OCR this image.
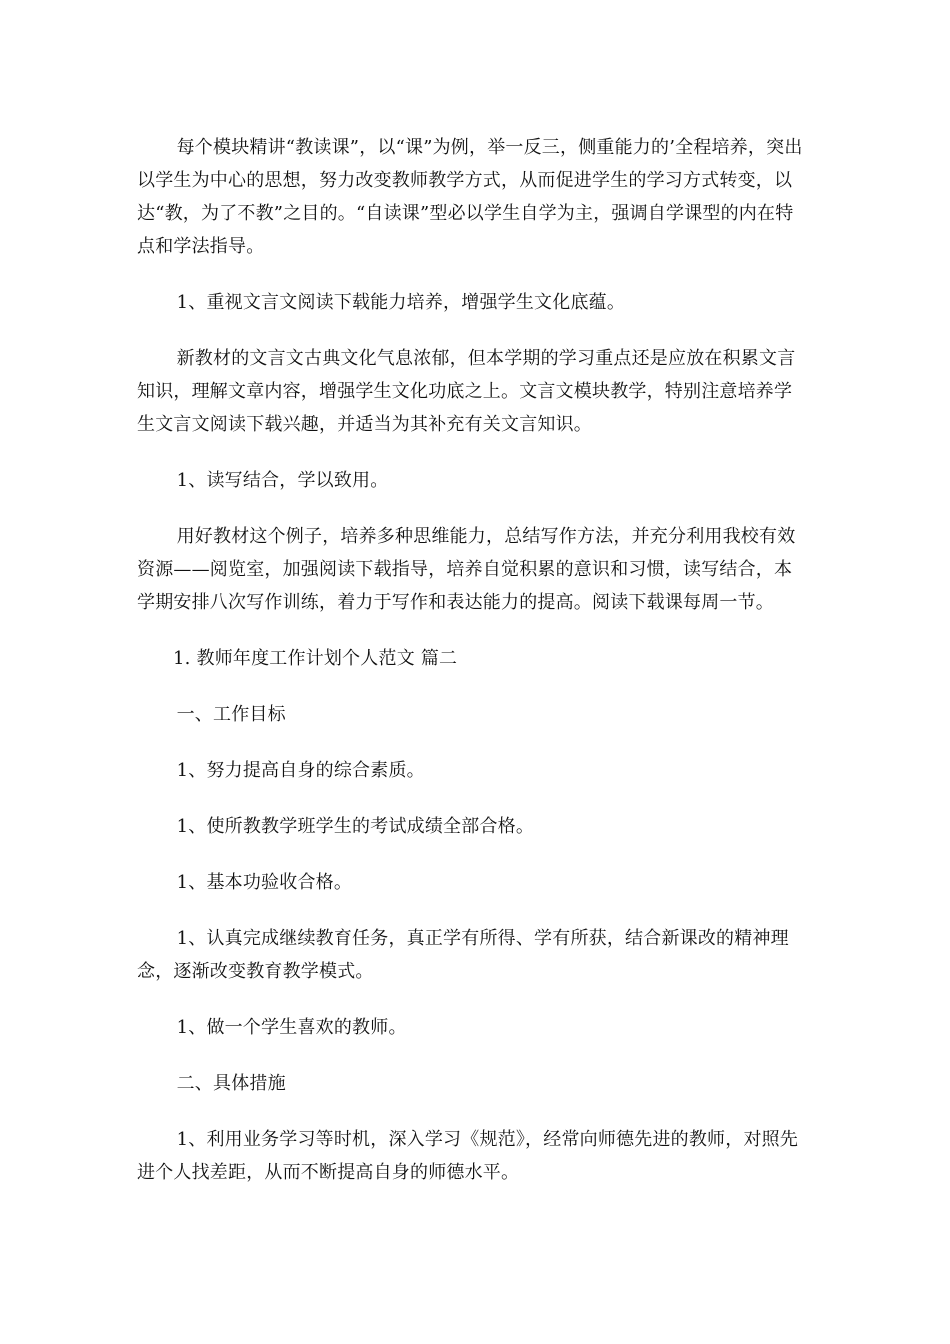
每个模块精讲“教读课”，以“课”为例，举一反三，侧重能力的’全程培养，突出以学生为中心的思想，努力改变教师教学方式，从而促进学生的学习方式转变，以达“教，为了不教”之目的。“自读课”型必以学生自学为主，强调自学课型的内在特点和学法指导。

1、重视文言文阅读下载能力培养，增强学生文化底蕴。

新教材的文言文古典文化气息浓郁，但本学期的学习重点还是应放在积累文言知识，理解文章内容，增强学生文化功底之上。文言文模块教学，特别注意培养学生文言文阅读下载兴趣，并适当为其补充有关文言知识。

1、读写结合，学以致用。

用好教材这个例子，培养多种思维能力，总结写作方法，并充分利用我校有效资源——阅览室，加强阅读下载指导，培养自觉积累的意识和习惯，读写结合，本学期安排八次写作训练，着力于写作和表达能力的提高。阅读下载课每周一节。

1. 教师年度工作计划个人范文 篇二

一、工作目标

1、努力提高自身的综合素质。

1、使所教教学班学生的考试成绩全部合格。

1、基本功验收合格。

1、认真完成继续教育任务，真正学有所得、学有所获，结合新课改的精神理念，逐渐改变教育教学模式。

1、做一个学生喜欢的教师。

二、具体措施

1、利用业务学习等时机，深入学习《规范》，经常向师德先进的教师，对照先进个人找差距，从而不断提高自身的师德水平。
